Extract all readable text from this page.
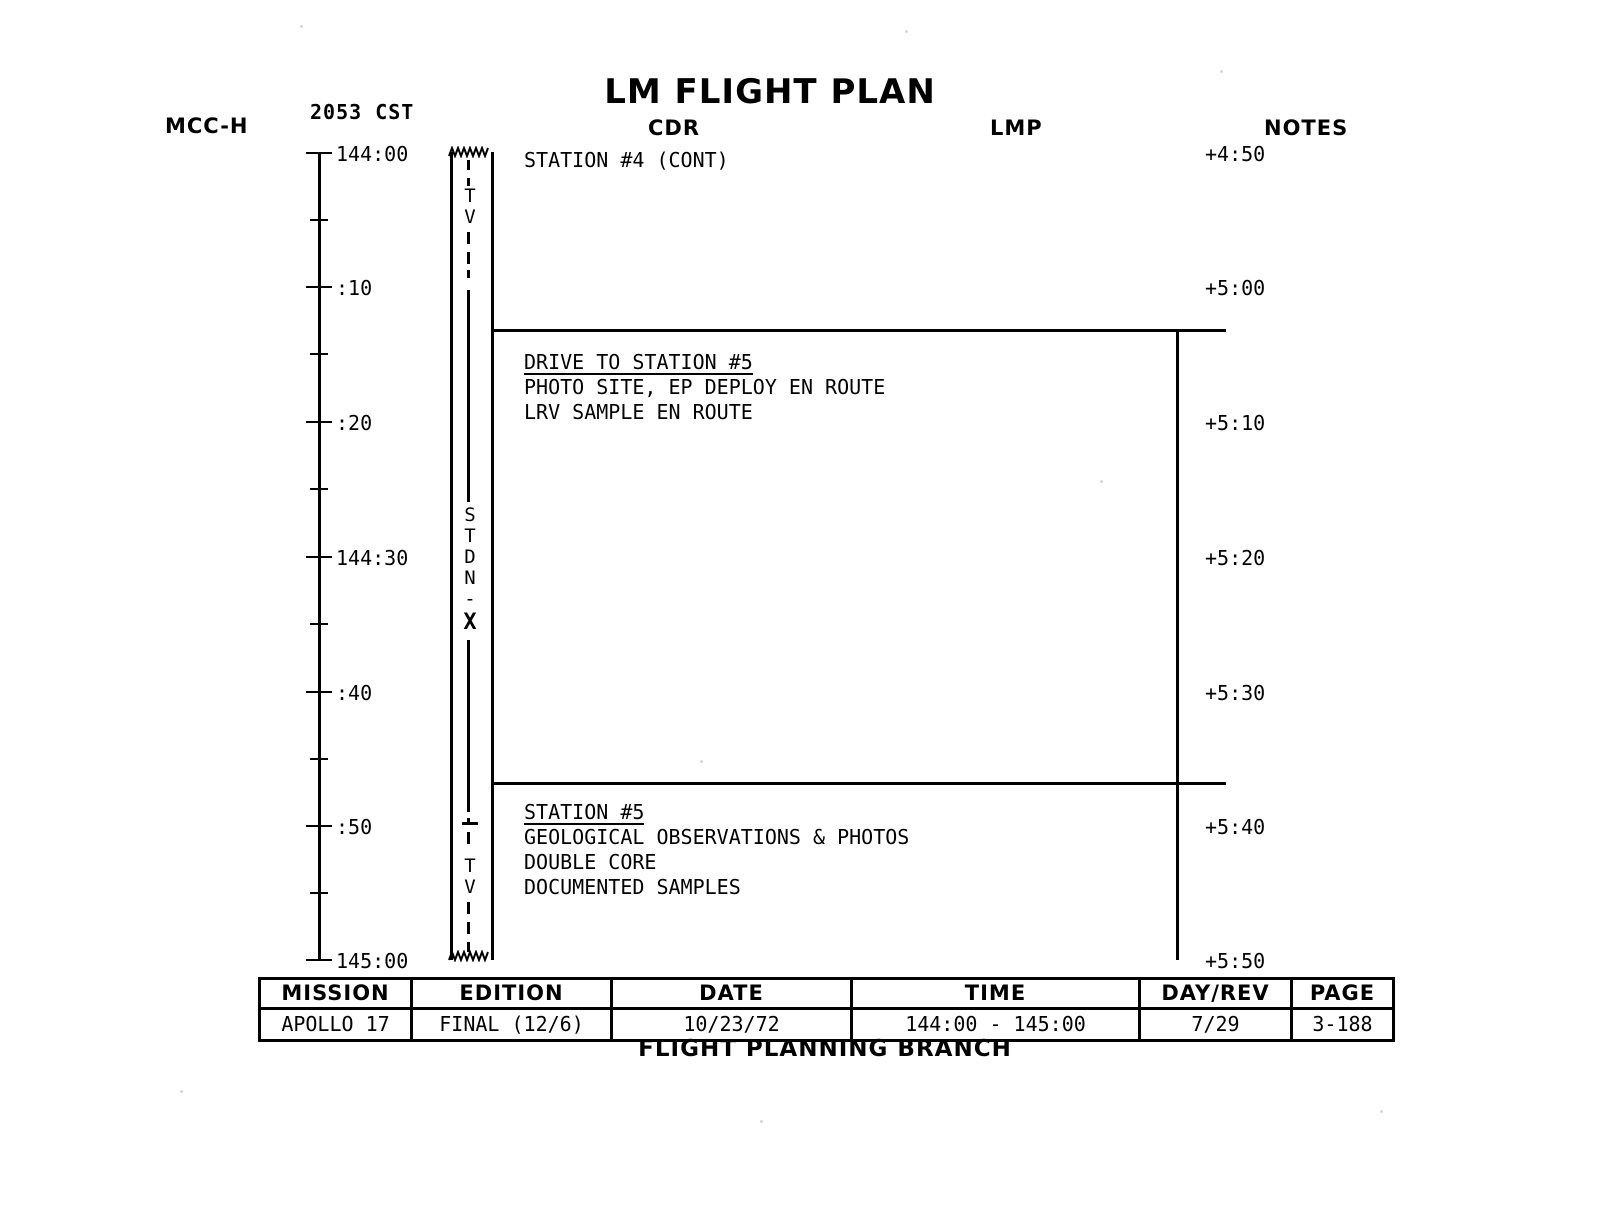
LM FLIGHT PLAN
MCC-H
2053 CST
CDR	LMP	NOTES
144:00
:10
:20
144:30
:40
:50
145:00
+4:50
+5:00
+5:10
+5:20
+5:30
+5:40
+5:50
T V
S
T
D
N
-
X
T V
STATION #4 (CONT)
DRIVE TO STATION #5
PHOTO SITE, EP DEPLOY EN ROUTE
LRV SAMPLE EN ROUTE
STATION #5
GEOLOGICAL OBSERVATIONS & PHOTOS
DOUBLE CORE
DOCUMENTED SAMPLES
MISSION	EDITION	DATE	TIME	DAY/REV	PAGE
APOLLO 17	FINAL (12/6)	10/23/72	144:00 - 145:00	7/29	3-188
FLIGHT PLANNING BRANCH
